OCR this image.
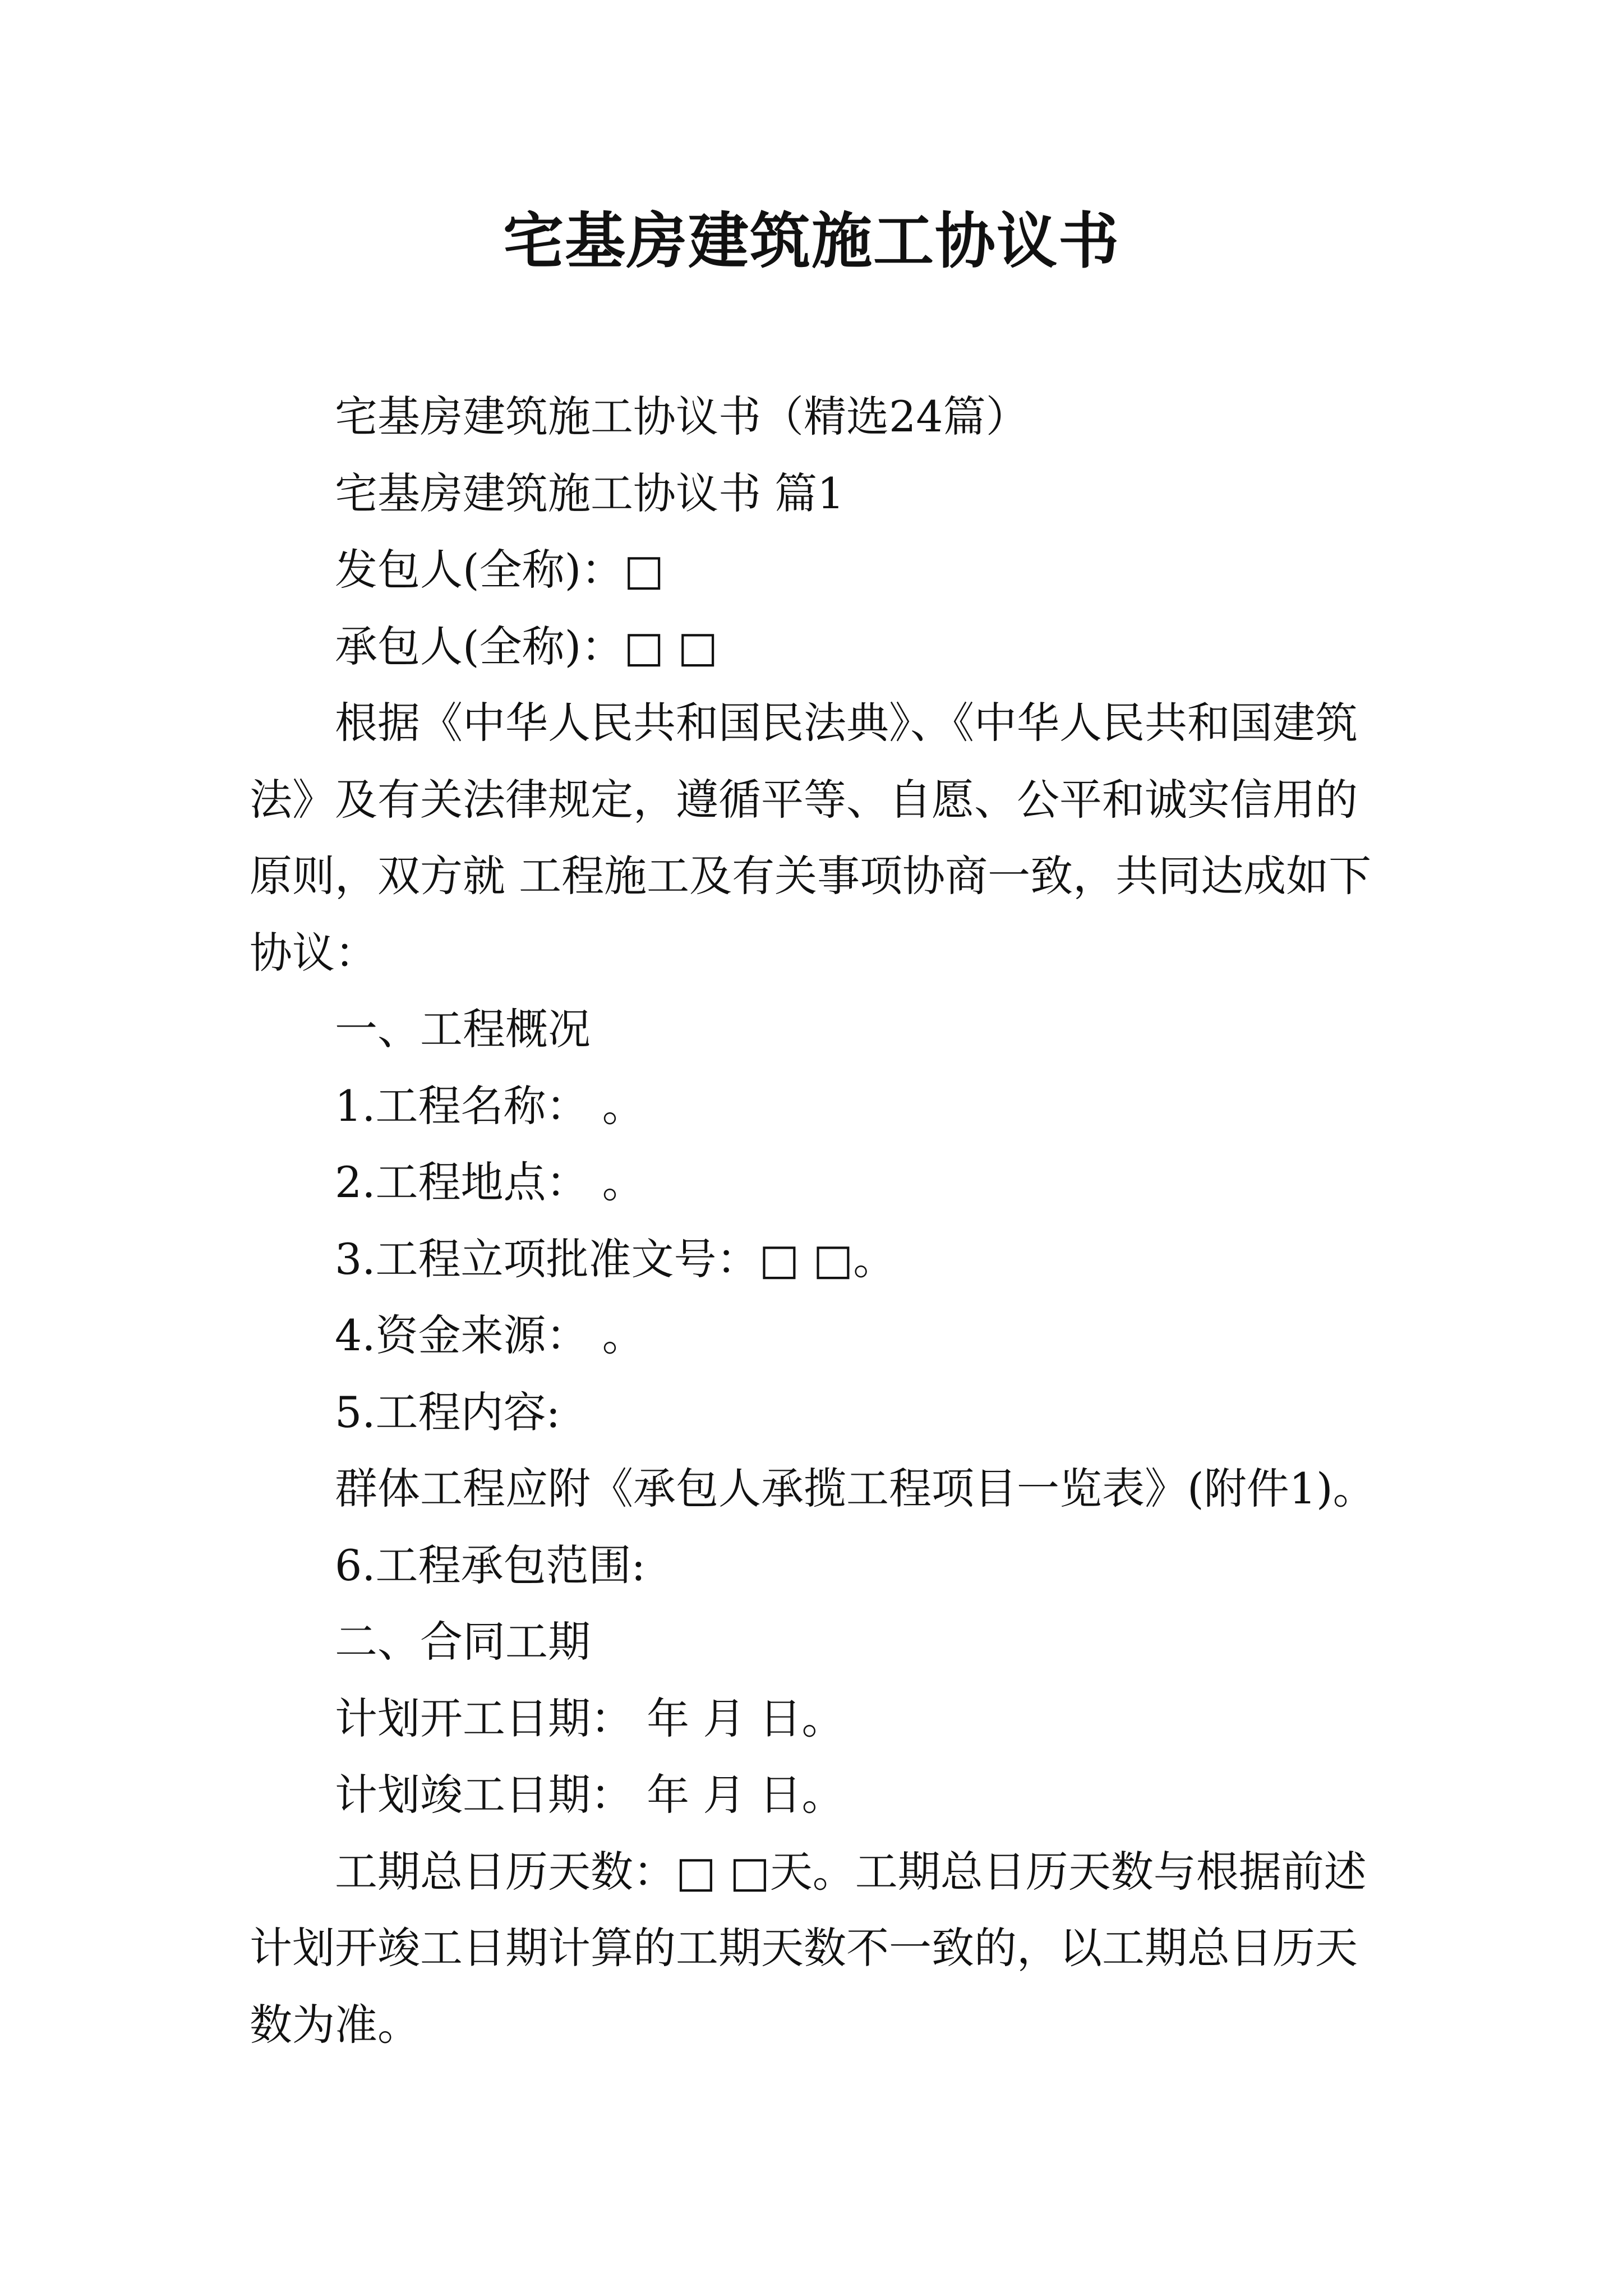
宅基房建筑施工协议书

宅基房建筑施工协议书（精选24篇）

宅基房建筑施工协议书 篇1

发包人(全称)：□

承包人(全称)：□ □

根据《中华人民共和国民法典》、《中华人民共和国建筑法》及有关法律规定，遵循平等、自愿、公平和诚实信用的原则，双方就 工程施工及有关事项协商一致，共同达成如下协议：

一、工程概况

1.工程名称： 。

2.工程地点： 。

3.工程立项批准文号：□ □。

4.资金来源： 。

5.工程内容:

群体工程应附《承包人承揽工程项目一览表》(附件1)。

6.工程承包范围:

二、合同工期

计划开工日期： 年 月 日。

计划竣工日期： 年 月 日。

工期总日历天数：□ □天。工期总日历天数与根据前述计划开竣工日期计算的工期天数不一致的，以工期总日历天数为准。
